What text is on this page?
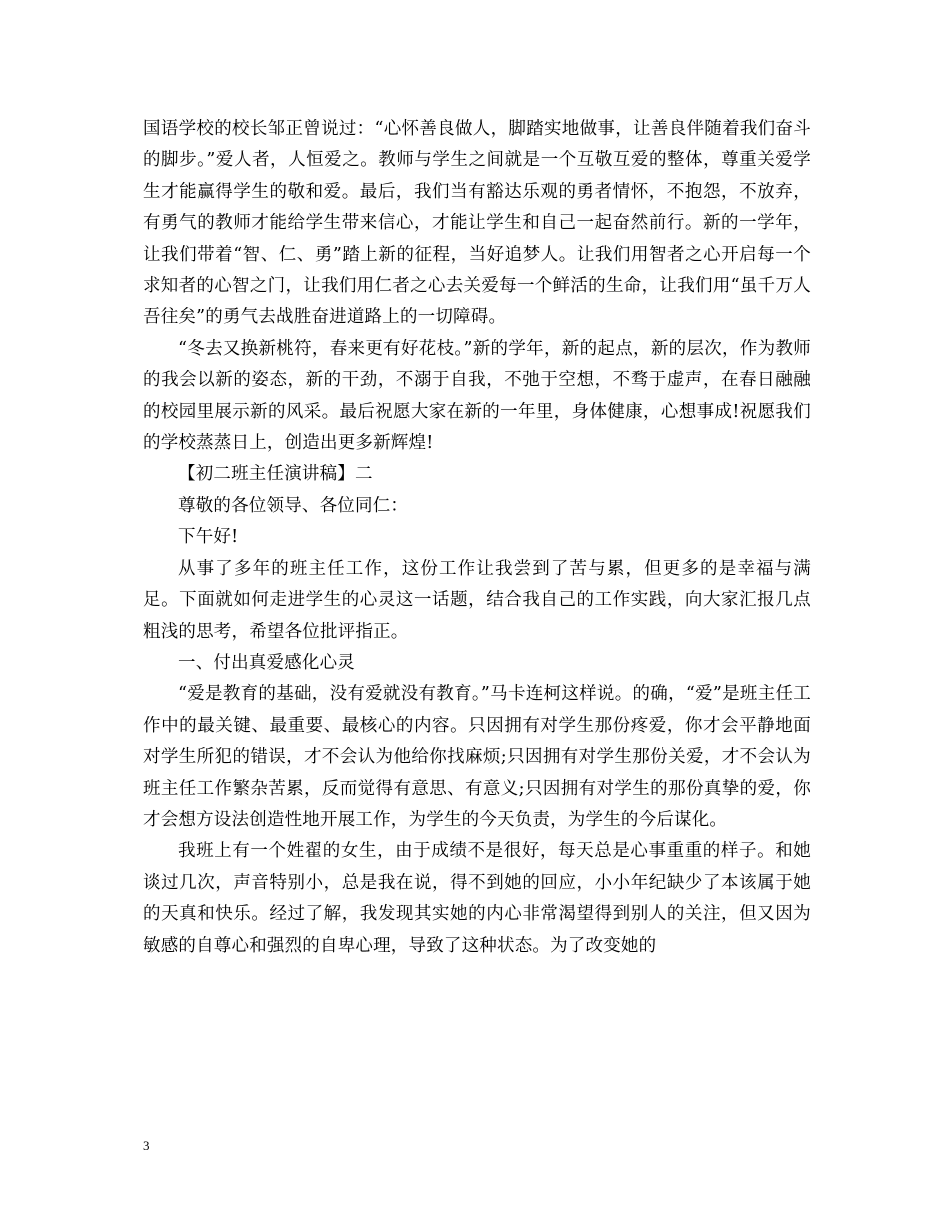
国语学校的校长邹正曾说过：“心怀善良做人，脚踏实地做事，让善良伴随着我们奋斗的脚步。”爱人者，人恒爱之。教师与学生之间就是一个互敬互爱的整体，尊重关爱学生才能赢得学生的敬和爱。最后，我们当有豁达乐观的勇者情怀，不抱怨，不放弃，有勇气的教师才能给学生带来信心，才能让学生和自己一起奋然前行。新的一学年，让我们带着“智、仁、勇”踏上新的征程，当好追梦人。让我们用智者之心开启每一个求知者的心智之门，让我们用仁者之心去关爱每一个鲜活的生命，让我们用“虽千万人吾往矣”的勇气去战胜奋进道路上的一切障碍。

“冬去又换新桃符，春来更有好花枝。”新的学年，新的起点，新的层次，作为教师的我会以新的姿态，新的干劲，不溺于自我，不弛于空想，不骛于虚声，在春日融融的校园里展示新的风采。最后祝愿大家在新的一年里，身体健康，心想事成!祝愿我们的学校蒸蒸日上，创造出更多新辉煌!

【初二班主任演讲稿】二

尊敬的各位领导、各位同仁：

下午好!

从事了多年的班主任工作，这份工作让我尝到了苦与累，但更多的是幸福与满足。下面就如何走进学生的心灵这一话题，结合我自己的工作实践，向大家汇报几点粗浅的思考，希望各位批评指正。

一、付出真爱感化心灵

“爱是教育的基础，没有爱就没有教育。”马卡连柯这样说。的确，“爱”是班主任工作中的最关键、最重要、最核心的内容。只因拥有对学生那份疼爱，你才会平静地面对学生所犯的错误，才不会认为他给你找麻烦;只因拥有对学生那份关爱，才不会认为班主任工作繁杂苦累，反而觉得有意思、有意义;只因拥有对学生的那份真挚的爱，你才会想方设法创造性地开展工作，为学生的今天负责，为学生的今后谋化。

我班上有一个姓翟的女生，由于成绩不是很好，每天总是心事重重的样子。和她谈过几次，声音特别小，总是我在说，得不到她的回应，小小年纪缺少了本该属于她的天真和快乐。经过了解，我发现其实她的内心非常渴望得到别人的关注，但又因为敏感的自尊心和强烈的自卑心理，导致了这种状态。为了改变她的

3
